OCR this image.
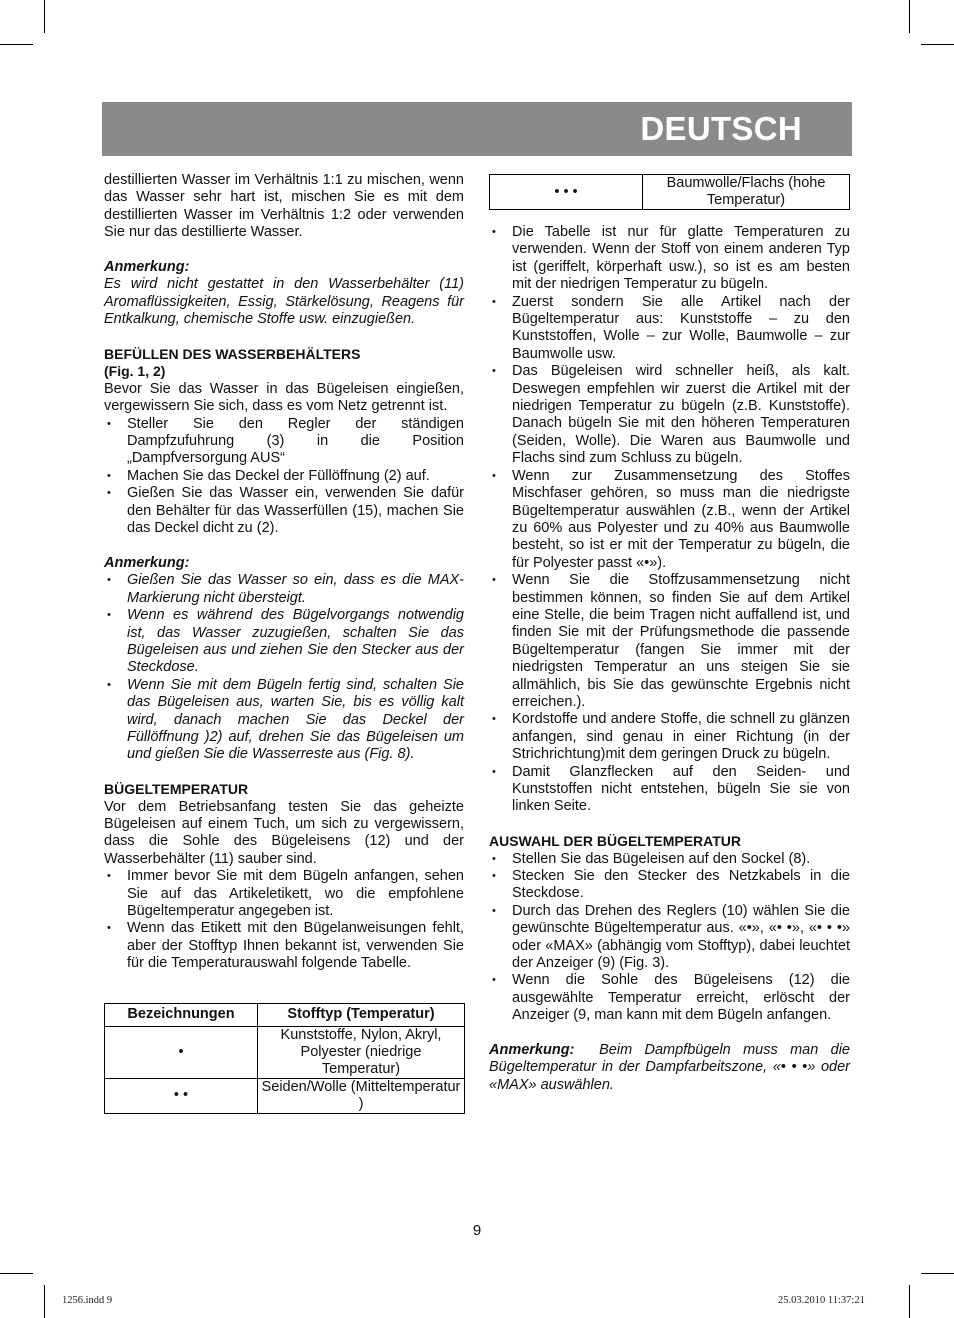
DEUTSCH

destillierten Wasser im Verhältnis 1:1 zu mischen, wenn das Wasser sehr hart ist, mischen Sie es mit dem destillierten Wasser im Verhältnis 1:2 oder verwenden Sie nur das destillierte Wasser.

Anmerkung:

Es wird nicht gestattet in den Wasserbehälter (11) Aromaflüssigkeiten, Essig, Stärkelösung, Reagens für Entkalkung, chemische Stoffe usw. einzugießen.

BEFÜLLEN DES WASSERBEHÄLTERS

(Fig. 1, 2)

Bevor Sie das Wasser in das Bügeleisen eingießen, vergewissern Sie sich, dass es vom Netz getrennt ist.

• Steller Sie den Regler der ständigen Dampfzufuhrung (3) in die Position „Dampfversorgung AUS“
• Machen Sie das Deckel der Füllöffnung (2) auf.
• Gießen Sie das Wasser ein, verwenden Sie dafür den Behälter für das Wasserfüllen (15), machen Sie das Deckel dicht zu (2).

Anmerkung:

• Gießen Sie das Wasser so ein, dass es die MAX-Markierung nicht übersteigt.
• Wenn es während des Bügelvorgangs notwendig ist, das Wasser zuzugießen, schalten Sie das Bügeleisen aus und ziehen Sie den Stecker aus der Steckdose.
• Wenn Sie mit dem Bügeln fertig sind, schalten Sie das Bügeleisen aus, warten Sie, bis es völlig kalt wird, danach machen Sie das Deckel der Füllöffnung )2) auf, drehen Sie das Bügeleisen um und gießen Sie die Wasserreste aus (Fig. 8).

BÜGELTEMPERATUR

Vor dem Betriebsanfang testen Sie das geheizte Bügeleisen auf einem Tuch, um sich zu vergewissern, dass die Sohle des Bügeleisens (12) und der Wasserbehälter (11) sauber sind.

• Immer bevor Sie mit dem Bügeln anfangen, sehen Sie auf das Artikeletikett, wo die empfohlene Bügeltemperatur angegeben ist.
• Wenn das Etikett mit den Bügelanweisungen fehlt, aber der Stofftyp Ihnen bekannt ist, verwenden Sie für die Temperaturauswahl folgende Tabelle.
Bezeichnungen	Stofftyp (Temperatur)
•	Kunststoffe, Nylon, Akryl, Polyester (niedrige Temperatur)
• •	Seiden/Wolle (Mitteltemperatur )
• • •	Baumwolle/Flachs (hohe Temperatur)
• Die Tabelle ist nur für glatte Temperaturen zu verwenden. Wenn der Stoff von einem anderen Typ ist (geriffelt, körperhaft usw.), so ist es am besten mit der niedrigen Temperatur zu bügeln.
• Zuerst sondern Sie alle Artikel nach der Bügeltemperatur aus: Kunststoffe – zu den Kunststoffen, Wolle – zur Wolle, Baumwolle – zur Baumwolle usw.
• Das Bügeleisen wird schneller heiß, als kalt. Deswegen empfehlen wir zuerst die Artikel mit der niedrigen Temperatur zu bügeln (z.B. Kunststoffe). Danach bügeln Sie mit den höheren Temperaturen (Seiden, Wolle). Die Waren aus Baumwolle und Flachs sind zum Schluss zu bügeln.
• Wenn zur Zusammensetzung des Stoffes Mischfaser gehören, so muss man die niedrigste Bügeltemperatur auswählen (z.B., wenn der Artikel zu 60% aus Polyester und zu 40% aus Baumwolle besteht, so ist er mit der Temperatur zu bügeln, die für Polyester passt «•»).
• Wenn Sie die Stoffzusammensetzung nicht bestimmen können, so finden Sie auf dem Artikel eine Stelle, die beim Tragen nicht auffallend ist, und finden Sie mit der Prüfungsmethode die passende Bügeltemperatur (fangen Sie immer mit der niedrigsten Temperatur an uns steigen Sie sie allmählich, bis Sie das gewünschte Ergebnis nicht erreichen.).
• Kordstoffe und andere Stoffe, die schnell zu glänzen anfangen, sind genau in einer Richtung (in der Strichrichtung)mit dem geringen Druck zu bügeln.
• Damit Glanzflecken auf den Seiden- und Kunststoffen nicht entstehen, bügeln Sie sie von linken Seite.

AUSWAHL DER BÜGELTEMPERATUR

• Stellen Sie das Bügeleisen auf den Sockel (8).
• Stecken Sie den Stecker des Netzkabels in die Steckdose.
• Durch das Drehen des Reglers (10) wählen Sie die gewünschte Bügeltemperatur aus. «•», «• •», «• • •» oder «MAX» (abhängig vom Stofftyp), dabei leuchtet der Anzeiger (9) (Fig. 3).
• Wenn die Sohle des Bügeleisens (12) die ausgewählte Temperatur erreicht, erlöscht der Anzeiger (9, man kann mit dem Bügeln anfangen.

Anmerkung: Beim Dampfbügeln muss man die Bügeltemperatur in der Dampfarbeitszone, «• • •» oder «MAX» auswählen.

9
1256.indd 9	25.03.2010 11:37:21
